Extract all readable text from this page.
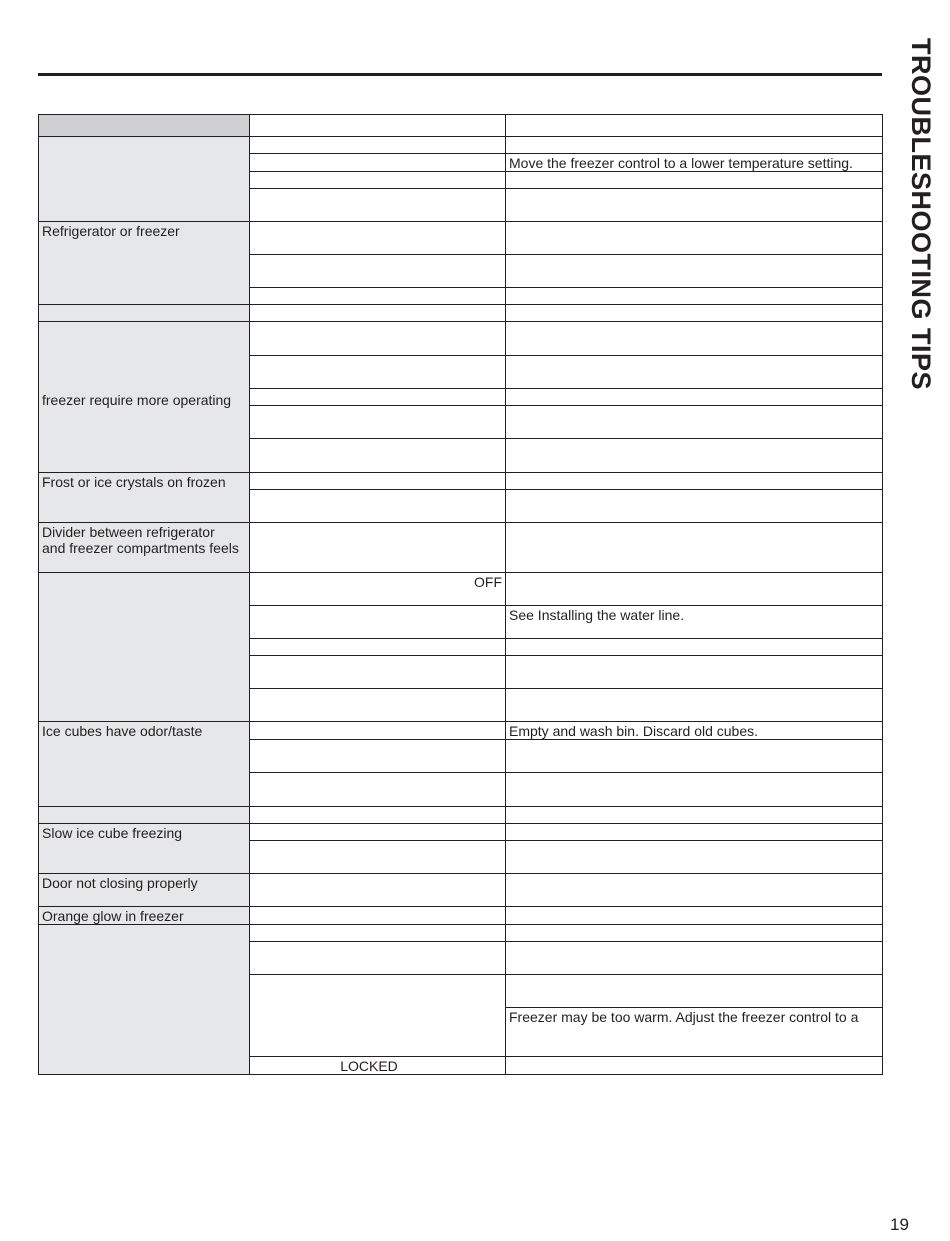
TROUBLESHOOTING TIPS

		Move the freezer control to a lower temperature setting.

Refrigerator or freezer		

freezer require more operating		

Frost or ice crystals on frozen		

Divider between refrigerator
and freezer compartments feels		
	OFF	
		See Installing the water line.

Ice cubes have odor/taste		Empty and wash bin. Discard old cubes.

Slow ice cube freezing		

Door not closing properly		
Orange glow in freezer		

		Freezer may be too warm. Adjust the freezer control to a
	LOCKED	
19
